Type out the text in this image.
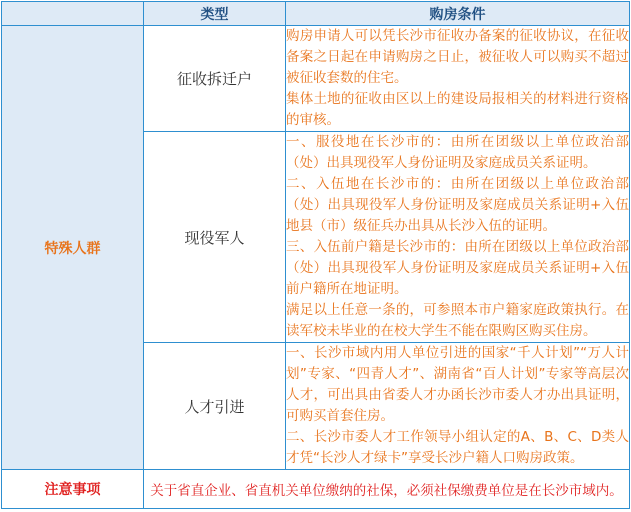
	类型	购房条件
特殊人群	征收拆迁户	购房申请人可以凭长沙市征收办备案的征收协议，在征收备案之日起在申请购房之日止，被征收人可以购买不超过被征收套数的住宅。

集体土地的征收由区以上的建设局报相关的材料进行资格的审核。

	现役军人	一、服役地在长沙市的：由所在团级以上单位政治部（处）出具现役军人身份证明及家庭成员关系证明。

二、入伍地在长沙市的：由所在团级以上单位政治部（处）出具现役军人身份证明及家庭成员关系证明+入伍地县（市）级征兵办出具从长沙入伍的证明。

三、入伍前户籍是长沙市的：由所在团级以上单位政治部（处）出具现役军人身份证明及家庭成员关系证明+入伍前户籍所在地证明。

满足以上任意一条的，可参照本市户籍家庭政策执行。在读军校未毕业的在校大学生不能在限购区购买住房。

	人才引进	一、长沙市域内用人单位引进的国家“千人计划”“万人计划”专家、“四青人才”、湖南省“百人计划”专家等高层次人才，可出具由省委人才办函长沙市委人才办出具证明，可购买首套住房。

二、长沙市委人才工作领导小组认定的A、B、C、D类人才凭“长沙人才绿卡”享受长沙户籍人口购房政策。

注意事项	关于省直企业、省直机关单位缴纳的社保，必须社保缴费单位是在长沙市域内。	
